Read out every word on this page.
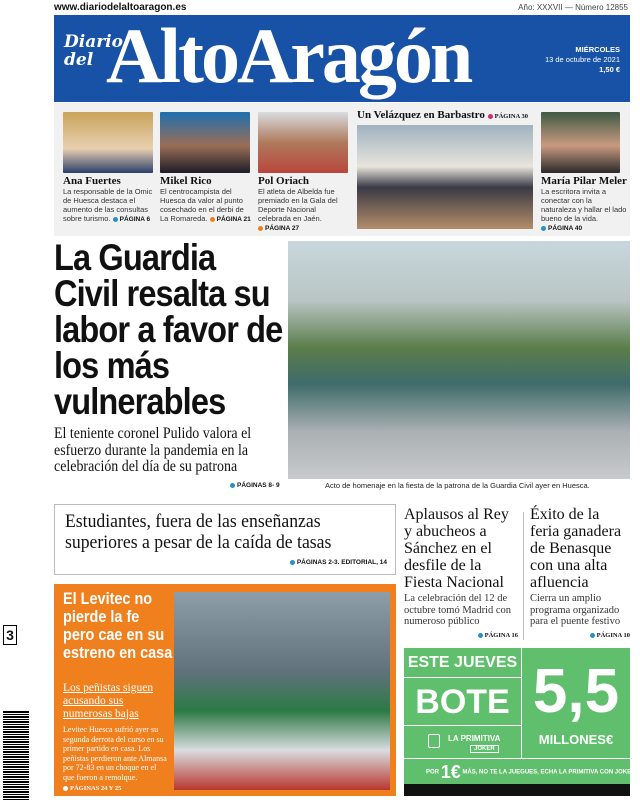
www.diariodelaltoaragon.es	Año: XXXVII — Número 12855
Diario del AltoAragón	MIÉRCOLES
13 de octubre de 2021
1,50 €
Un Velázquez en Barbastro PÁGINA 30
Ana Fuertes
La responsable de la Omic de Huesca destaca el aumento de las consultas sobre turismo. PÁGINA 6
Mikel Rico
El centrocampista del Huesca da valor al punto cosechado en el derbi de La Romareda. PÁGINA 21
Pol Oriach
El atleta de Albelda fue premiado en la Gala del Deporte Nacional celebrada en Jaén. PÁGINA 27
María Pilar Meler
La escritora invita a conectar con la naturaleza y hallar el lado bueno de la vida. PÁGINA 40
La Guardia Civil resalta su labor a favor de los más vulnerables
El teniente coronel Pulido valora el esfuerzo durante la pandemia en la celebración del día de su patrona
PÁGINAS 8- 9	Acto de homenaje en la fiesta de la patrona de la Guardia Civil ayer en Huesca.
Estudiantes, fuera de las enseñanzas superiores a pesar de la caída de tasas
PÁGINAS 2-3. EDITORIAL, 14
Aplausos al Rey y abucheos a Sánchez en el desfile de la Fiesta Nacional
La celebración del 12 de octubre tomó Madrid con numeroso público
PÁGINA 16
Éxito de la feria ganadera de Benasque con una alta afluencia
Cierra un amplio programa organizado para el puente festivo
PÁGINA 10
El Levitec no pierde la fe pero cae en su estreno en casa
Los peñistas siguen acusando sus numerosas bajas
Levitec Huesca sufrió ayer su segunda derrota del curso en su primer partido en casa. Los peñistas perdieron ante Almansa por 72-83 en un choque en el que fueron a remolque. PÁGINAS 24 Y 25
ESTE JUEVES
BOTE
LA PRIMITIVA
JOKER
5,5
MILLONES€
POR 1€ MÁS, NO TE LA JUEGUES, ECHA LA PRIMITIVA CON JOKER
3
